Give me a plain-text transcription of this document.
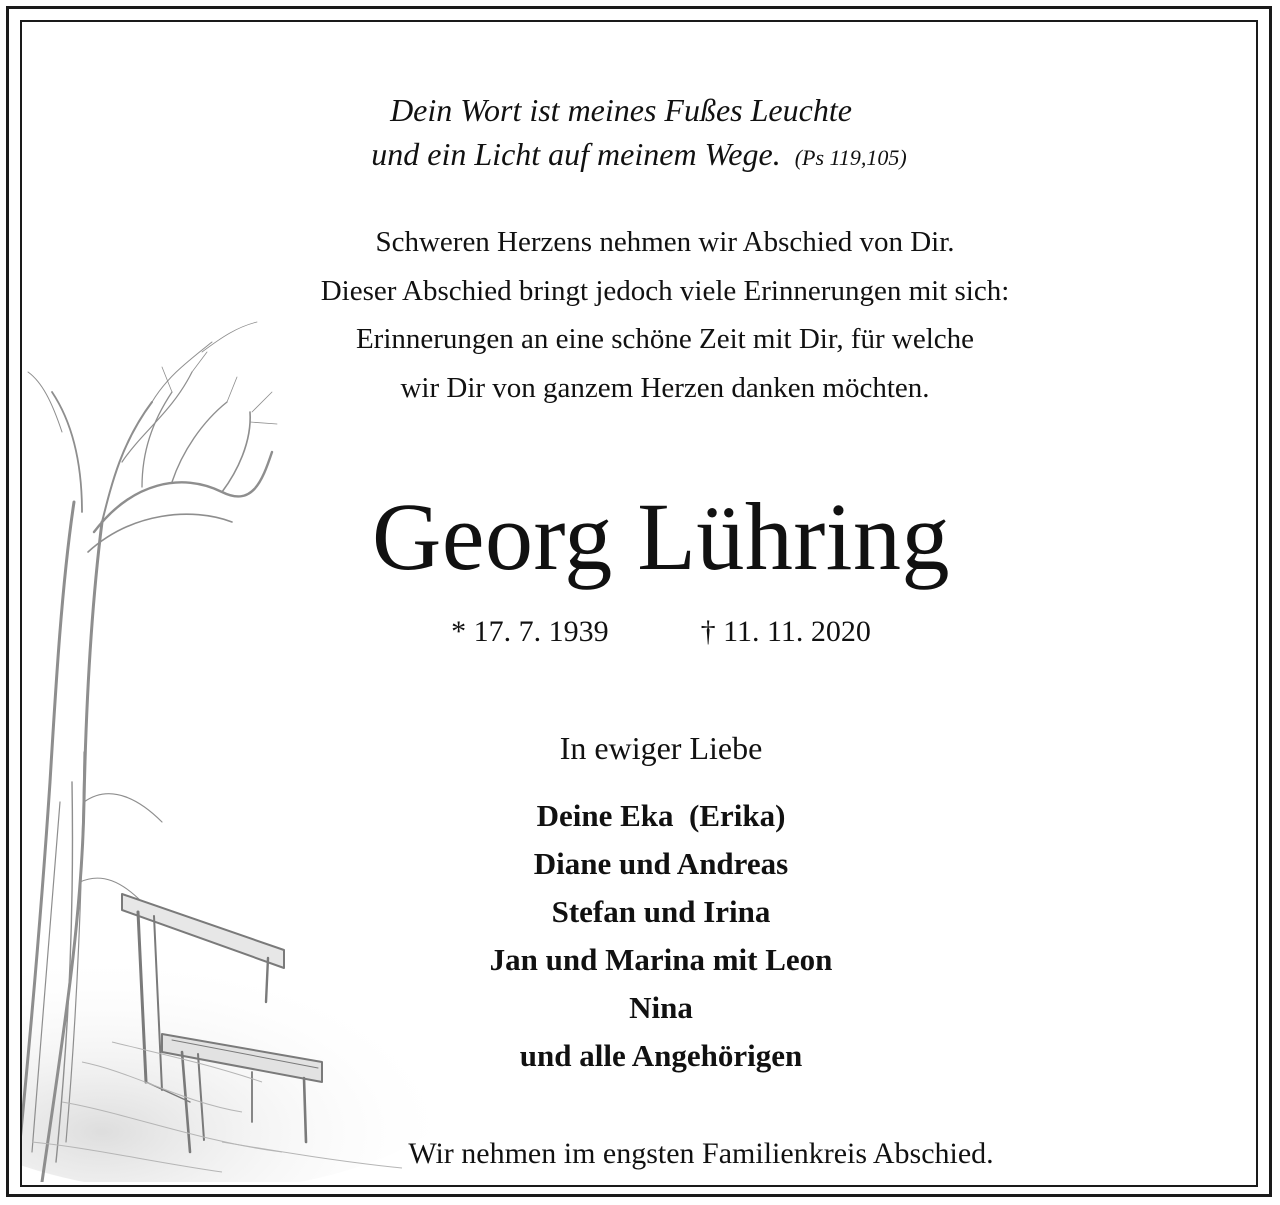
Dein Wort ist meines Fußes Leuchte
und ein Licht auf meinem Wege. (Ps 119,105)
Schweren Herzens nehmen wir Abschied von Dir.
Dieser Abschied bringt jedoch viele Erinnerungen mit sich:
Erinnerungen an eine schöne Zeit mit Dir, für welche
wir Dir von ganzem Herzen danken möchten.
Georg Lühring
* 17. 7. 1939	† 11. 11. 2020
In ewiger Liebe
Deine Eka  (Erika)
Diane und Andreas
Stefan und Irina
Jan und Marina mit Leon
Nina
und alle Angehörigen
Wir nehmen im engsten Familienkreis Abschied.
